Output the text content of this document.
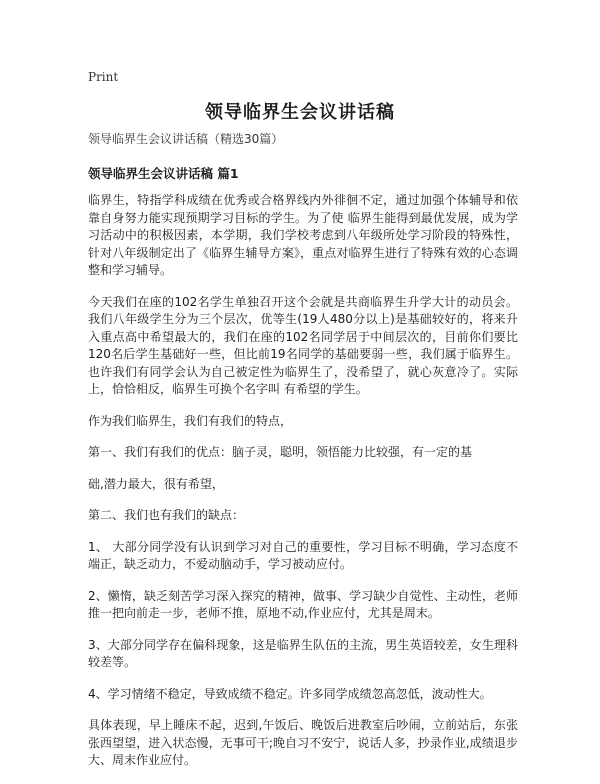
Print
领导临界生会议讲话稿

领导临界生会议讲话稿（精选30篇）

领导临界生会议讲话稿 篇1

临界生，特指学科成绩在优秀或合格界线内外徘徊不定，通过加强个体辅导和依靠自身努力能实现预期学习目标的学生。为了使 临界生能得到最优发展，成为学习活动中的积极因素，本学期，我们学校考虑到八年级所处学习阶段的特殊性，针对八年级制定出了《临界生辅导方案》，重点对临界生进行了特殊有效的心态调整和学习辅导。

今天我们在座的102名学生单独召开这个会就是共商临界生升学大计的动员会。我们八年级学生分为三个层次，优等生(19人480分以上)是基础较好的，将来升入重点高中希望最大的，我们在座的102名同学居于中间层次的，目前你们要比120名后学生基础好一些，但比前19名同学的基础要弱一些，我们属于临界生。也许我们有同学会认为自己被定性为临界生了，没希望了，就心灰意冷了。实际上，恰恰相反，临界生可换个名字叫 有希望的学生。

作为我们临界生，我们有我们的特点，

第一、我们有我们的优点：脑子灵，聪明，领悟能力比较强，有一定的基

础,潜力最大，很有希望，

第二、我们也有我们的缺点：

1、 大部分同学没有认识到学习对自己的重要性，学习目标不明确，学习态度不端正，缺乏动力，不爱动脑动手，学习被动应付。

2、懒惰，缺乏刻苦学习深入探究的精神，做事、学习缺少自觉性、主动性，老师推一把向前走一步，老师不推，原地不动,作业应付，尤其是周末。

3、大部分同学存在偏科现象，这是临界生队伍的主流，男生英语较差，女生理科较差等。

4、学习情绪不稳定，导致成绩不稳定。许多同学成绩忽高忽低，波动性大。

具体表现，早上睡床不起，迟到,午饭后、晚饭后进教室后吵闹，立前站后，东张张西望望，进入状态慢，无事可干;晚自习不安宁，说话人多，抄录作业,成绩退步大、周末作业应付。
